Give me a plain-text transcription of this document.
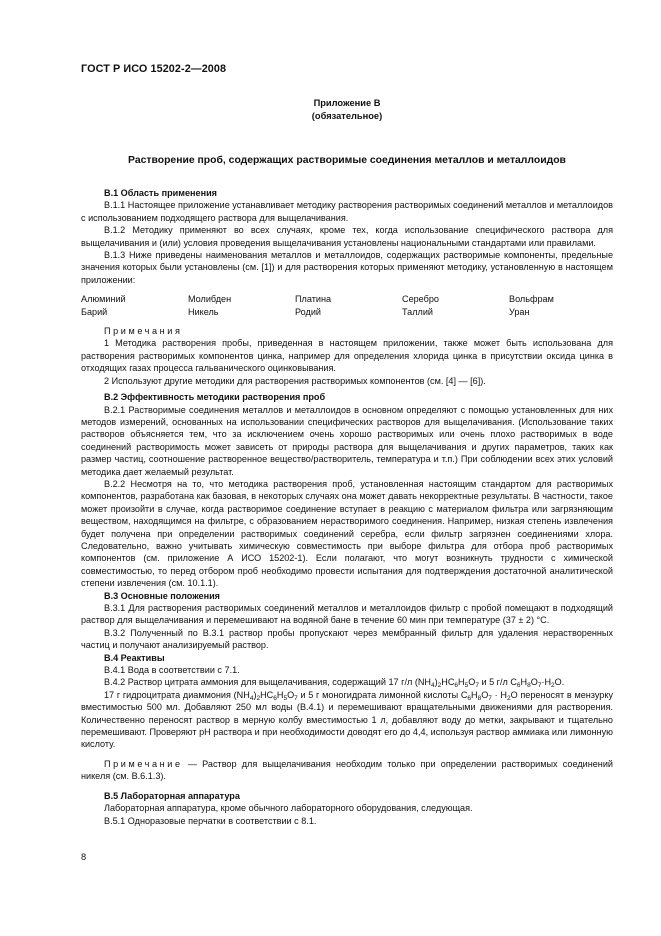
ГОСТ Р ИСО 15202-2—2008
Приложение В
(обязательное)
Растворение проб, содержащих растворимые соединения металлов и металлоидов

В.1 Область применения

В.1.1 Настоящее приложение устанавливает методику растворения растворимых соединений металлов и металлоидов с использованием подходящего раствора для выщелачивания.

В.1.2 Методику применяют во всех случаях, кроме тех, когда использование специфического раствора для выщелачивания и (или) условия проведения выщелачивания установлены национальными стандартами или правилами.

В.1.3 Ниже приведены наименования металлов и металлоидов, содержащих растворимые компоненты, предельные значения которых были установлены (см. [1]) и для растворения которых применяют методику, установленную в настоящем приложении:

Алюминий	Молибден	Платина	Серебро	Вольфрам
Барий	Никель	Родий	Таллий	Уран

Примечания

1 Методика растворения пробы, приведенная в настоящем приложении, также может быть использована для растворения растворимых компонентов цинка, например для определения хлорида цинка в присутствии оксида цинка в отходящих газах процесса гальванического оцинковывания.

2 Используют другие методики для растворения растворимых компонентов (см. [4] — [6]).

В.2 Эффективность методики растворения проб

В.2.1 Растворимые соединения металлов и металлоидов в основном определяют с помощью установленных для них методов измерений, основанных на использовании специфических растворов для выщелачивания. (Использование таких растворов объясняется тем, что за исключением очень хорошо растворимых или очень плохо растворимых в воде соединений растворимость может зависеть от природы раствора для выщелачивания и других параметров, таких как размер частиц, соотношение растворенное вещество/растворитель, температура и т.п.) При соблюдении всех этих условий методика дает желаемый результат.

В.2.2 Несмотря на то, что методика растворения проб, установленная настоящим стандартом для растворимых компонентов, разработана как базовая, в некоторых случаях она может давать некорректные результаты. В частности, такое может произойти в случае, когда растворимое соединение вступает в реакцию с материалом фильтра или загрязняющим веществом, находящимся на фильтре, с образованием нерастворимого соединения. Например, низкая степень извлечения будет получена при определении растворимых соединений серебра, если фильтр загрязнен соединениями хлора. Следовательно, важно учитывать химическую совместимость при выборе фильтра для отбора проб растворимых компонентов (см. приложение А ИСО 15202-1). Если полагают, что могут возникнуть трудности с химической совместимостью, то перед отбором проб необходимо провести испытания для подтверждения достаточной аналитической степени извлечения (см. 10.1.1).

В.3 Основные положения

В.3.1 Для растворения растворимых соединений металлов и металлоидов фильтр с пробой помещают в подходящий раствор для выщелачивания и перемешивают на водяной бане в течение 60 мин при температуре (37 ± 2) °С.

В.3.2 Полученный по В.3.1 раствор пробы пропускают через мембранный фильтр для удаления нерастворенных частиц и получают анализируемый раствор.

В.4 Реактивы

В.4.1 Вода в соответствии с 7.1.

В.4.2 Раствор цитрата аммония для выщелачивания, содержащий 17 г/л $(NH_4)_2HC_6H_5O_7$ и 5 г/л $C_6H_8O_7\cdot H_2O$.

17 г гидроцитрата диаммония $(NH_4)_2HC_6H_5O_7$ и 5 г моногидрата лимонной кислоты $C_6H_8O_7 \cdot H_2O$ переносят в мензурку вместимостью 500 мл. Добавляют 250 мл воды (В.4.1) и перемешивают вращательными движениями для растворения. Количественно переносят раствор в мерную колбу вместимостью 1 л, добавляют воду до метки, закрывают и тщательно перемешивают. Проверяют pH раствора и при необходимости доводят его до 4,4, используя раствор аммиака или лимонную кислоту.

Примечание — Раствор для выщелачивания необходим только при определении растворимых соединений никеля (см. В.6.1.3).

В.5 Лабораторная аппаратура

Лабораторная аппаратура, кроме обычного лабораторного оборудования, следующая.

В.5.1 Одноразовые перчатки в соответствии с 8.1.

8
